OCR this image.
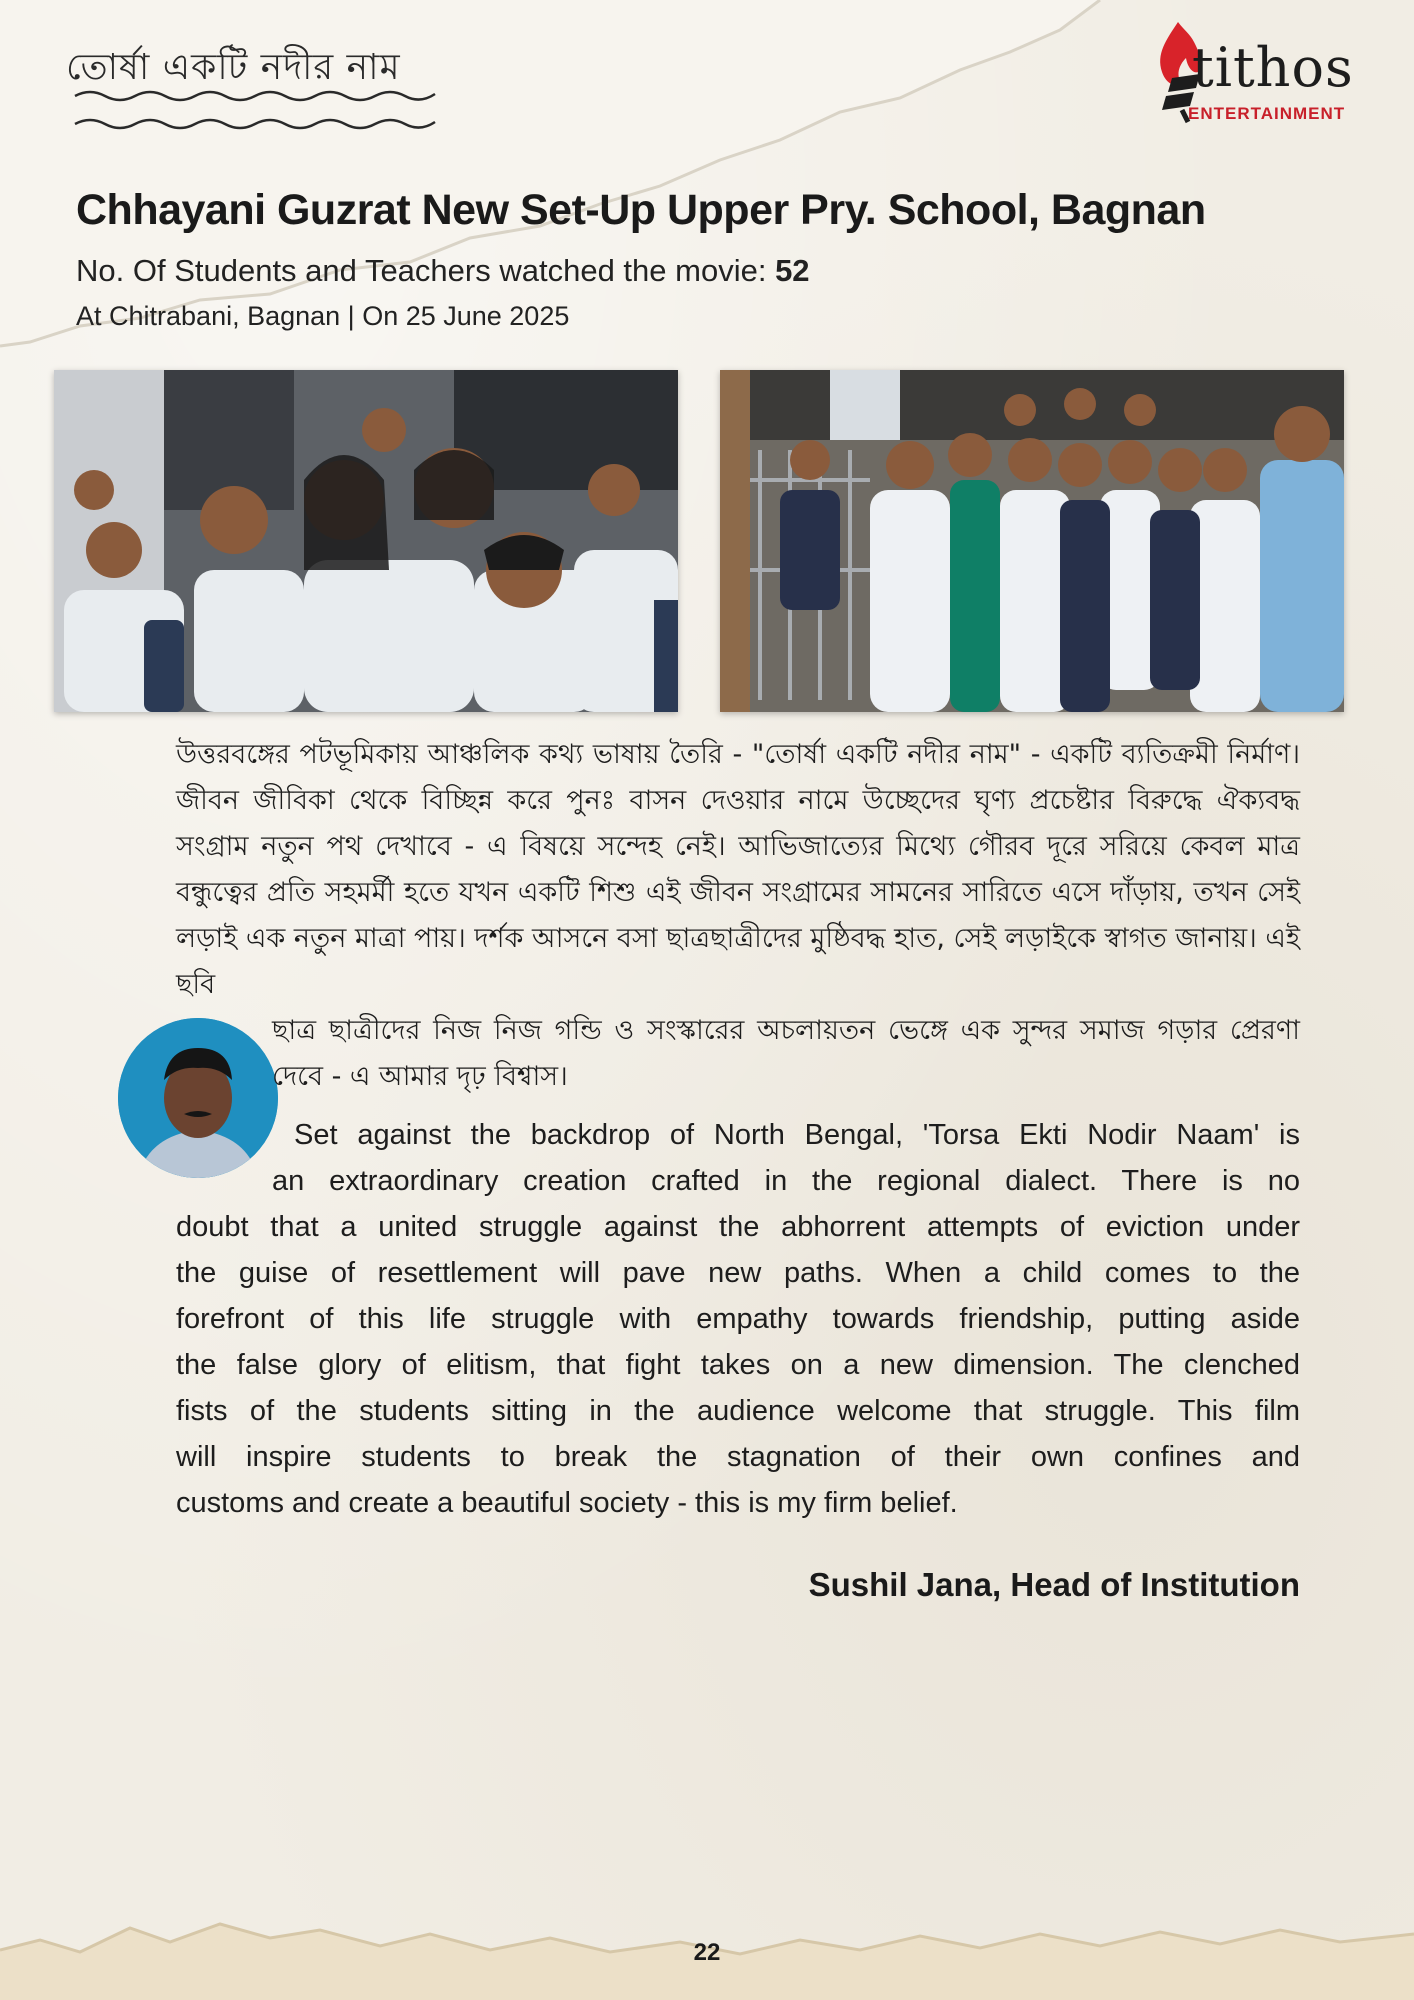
তোর্ষা একটি নদীর নাম	tithos
ENTERTAINMENT
Chhayani Guzrat New Set-Up Upper Pry. School, Bagnan
No. Of Students and Teachers watched the movie: 52
At Chitrabani, Bagnan | On 25 June 2025
উত্তরবঙ্গের পটভূমিকায় আঞ্চলিক কথ্য ভাষায় তৈরি - "তোর্ষা একটি নদীর নাম" - একটি ব্যতিক্রমী নির্মাণ। জীবন জীবিকা থেকে বিচ্ছিন্ন করে পুনঃ বাসন দেওয়ার নামে উচ্ছেদের ঘৃণ্য প্রচেষ্টার বিরুদ্ধে ঐক্যবদ্ধ সংগ্রাম নতুন পথ দেখাবে - এ বিষয়ে সন্দেহ নেই। আভিজাত্যের মিথ্যে গৌরব দূরে সরিয়ে কেবল মাত্র বন্ধুত্বের প্রতি সহমর্মী হতে যখন একটি শিশু এই জীবন সংগ্রামের সামনের সারিতে এসে দাঁড়ায়, তখন সেই লড়াই এক নতুন মাত্রা পায়। দর্শক আসনে বসা ছাত্রছাত্রীদের মুষ্ঠিবদ্ধ হাত, সেই লড়াইকে স্বাগত জানায়। এই ছবি
ছাত্র ছাত্রীদের নিজ নিজ গন্ডি ও সংস্কারের অচলায়তন ভেঙ্গে এক সুন্দর সমাজ গড়ার প্রেরণা দেবে - এ আমার দৃঢ় বিশ্বাস।
Set against the backdrop of North Bengal, 'Torsa Ekti Nodir Naam' is
an extraordinary creation crafted in the regional dialect. There is no
doubt that a united struggle against the abhorrent attempts of eviction under
the guise of resettlement will pave new paths. When a child comes to the
forefront of this life struggle with empathy towards friendship, putting aside
the false glory of elitism, that fight takes on a new dimension. The clenched
fists of the students sitting in the audience welcome that struggle. This film
will inspire students to break the stagnation of their own confines and
customs and create a beautiful society - this is my firm belief.
Sushil Jana, Head of Institution
22
